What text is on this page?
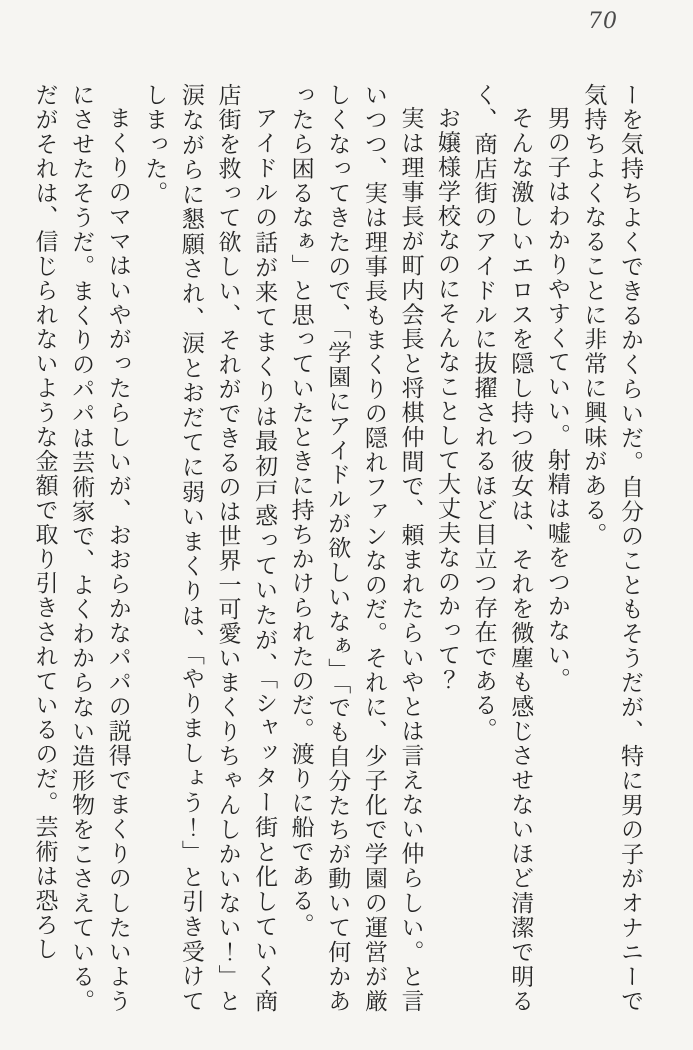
70

ーを気持ちよくできるかくらいだ。自分のこともそうだが、特に男の子がオナニーで気持ちよくなることに非常に興味がある。

男の子はわかりやすくていい。射精は嘘をつかない。

そんな激しいエロスを隠し持つ彼女は、それを微塵も感じさせないほど清潔で明るく、商店街のアイドルに抜擢されるほど目立つ存在である。

お嬢様学校なのにそんなことして大丈夫なのかって？

実は理事長が町内会長と将棋仲間で、頼まれたらいやとは言えない仲らしい。と言いつつ、実は理事長もまくりの隠れファンなのだ。それに、少子化で学園の運営が厳しくなってきたので、「学園にアイドルが欲しいなぁ」「でも自分たちが動いて何かあったら困るなぁ」と思っていたときに持ちかけられたのだ。渡りに船である。

アイドルの話が来てまくりは最初戸惑っていたが、「シャッター街と化していく商店街を救って欲しい、それができるのは世界一可愛いまくりちゃんしかいない！」と涙ながらに懇願され、涙とおだてに弱いまくりは、「やりましょう！」と引き受けてしまった。

まくりのママはいやがったらしいが、おおらかなパパの説得でまくりのしたいようにさせたそうだ。まくりのパパは芸術家で、よくわからない造形物をこさえている。だがそれは、信じられないような金額で取り引きされているのだ。芸術は恐ろし
